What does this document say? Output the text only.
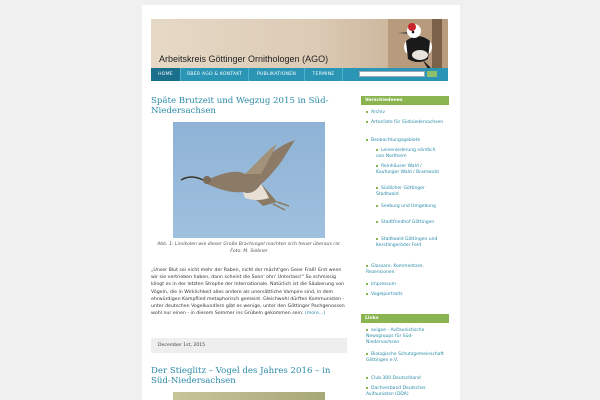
Arbeitskreis Göttinger Ornithologen (AGO)
HOME	ÜBER AGO & KONTAKT	PUBLIKATIONEN	TERMINE
Späte Brutzeit und Wegzug 2015 in Süd-Niedersachsen
Abb. 1: Limikolen wie dieser Große Brachvogel machten sich heuer überaus rar. Foto: M. Siebner
„Unser Blut sei nicht mehr der Raben, nicht der mächt'gen Geier Fraß! Erst wenn wir sie vertrieben haben, dann scheint die Sonn' ohn' Unterlass!“ So schmissig klingt es in der letzten Strophe der Internationale. Natürlich ist die Säuberung von Vögeln, die in Wirklichkeit alles andere als unersättliche Vampire sind, in dem ehrwürdigen Kampflied metaphorisch gemeint. Gleichwohl dürften Kommunisten - unter deutschen Vogelkundlern gibt es wenige, unter den Göttinger Pachgenossen wohl nur einen - in diesem Sommer ins Grübeln gekommen sein: (more...)
December 1st, 2015
Der Stieglitz – Vogel des Jahres 2016 – in Süd-Niedersachsen
Verschiedenes
Archiv
Artenliste für Südniedersachsen
Beobachtungsgebiete
Leineniederung nördlich von Northeim
Reinhäuser Wald / Kaufunger Wald / Bramwald
Südlicher Göttinger Stadtwald
Seeburg und Umgebung
Stadtfriedhof Göttingen
Stadtwald Göttingen und Kerstlingeröder Feld
Glossare, Kommentare, Rezensionen
Impressum
Vogelportraits
Links
avigoe - Avifaunistische Newsgroups für Süd-Niedersachsen
Biologische Schutzgemeinschaft Göttingen e.V.
Club 300 Deutschland
Dachverband Deutscher Avifaunisten (DDA)
